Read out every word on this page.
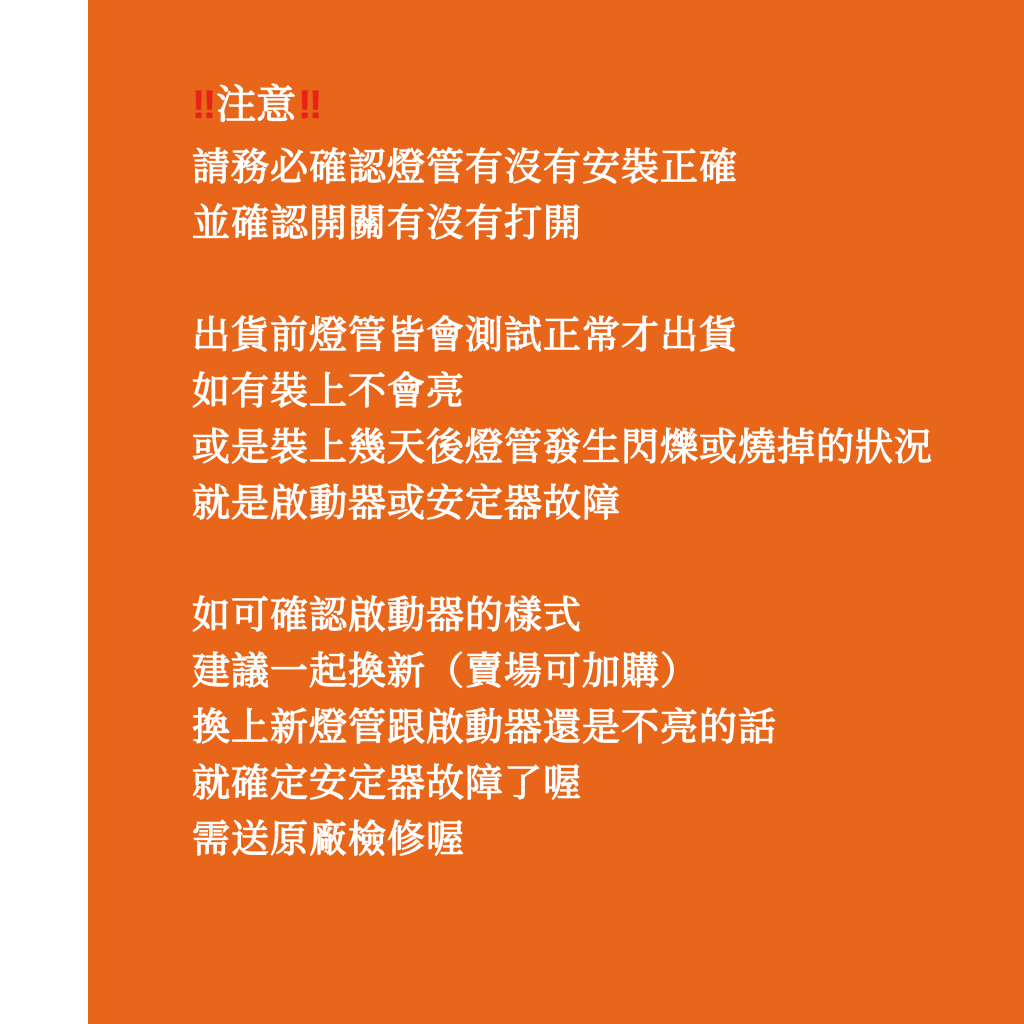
‼ 注意 ‼
請務必確認燈管有沒有安裝正確
並確認開關有沒有打開
出貨前燈管皆會測試正常才出貨
如有裝上不會亮
或是裝上幾天後燈管發生閃爍或燒掉的狀況
就是啟動器或安定器故障
如可確認啟動器的樣式
建議一起換新（賣場可加購）
換上新燈管跟啟動器還是不亮的話
就確定安定器故障了喔
需送原廠檢修喔
